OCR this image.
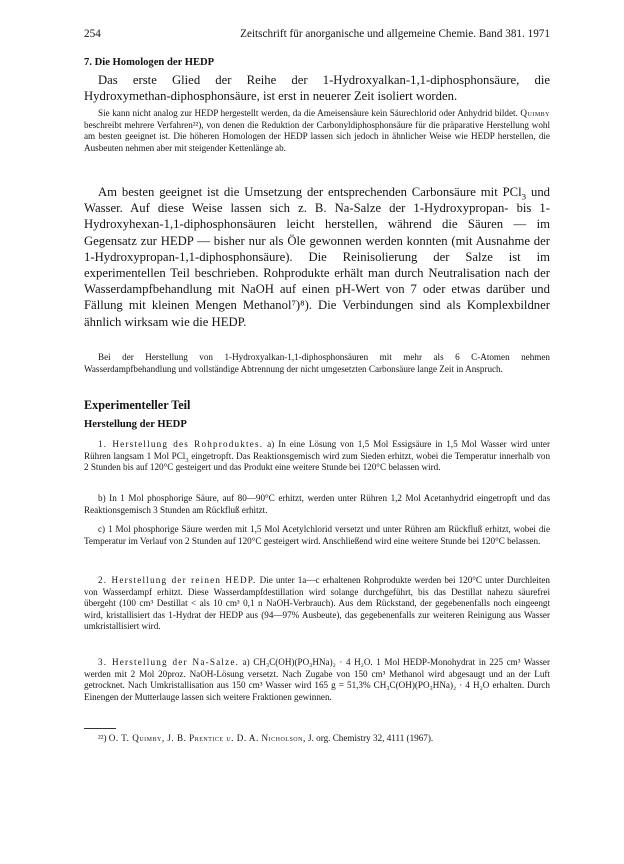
254	Zeitschrift für anorganische und allgemeine Chemie. Band 381. 1971
7. Die Homologen der HEDP
Das erste Glied der Reihe der 1-Hydroxyalkan-1,1-diphosphonsäure, die Hydroxymethan-diphosphonsäure, ist erst in neuerer Zeit isoliert worden.
Sie kann nicht analog zur HEDP hergestellt werden, da die Ameisensäure kein Säurechlorid oder Anhydrid bildet. Quimby beschreibt mehrere Verfahren²²), von denen die Reduktion der Carbonyldiphosphonsäure für die präparative Herstellung wohl am besten geeignet ist. Die höheren Homologen der HEDP lassen sich jedoch in ähnlicher Weise wie HEDP herstellen, die Ausbeuten nehmen aber mit steigender Kettenlänge ab.
Am besten geeignet ist die Umsetzung der entsprechenden Carbonsäure mit PCl$_3$ und Wasser. Auf diese Weise lassen sich z. B. Na-Salze der 1-Hydroxypropan- bis 1-Hydroxyhexan-1,1-diphosphonsäuren leicht herstellen, während die Säuren — im Gegensatz zur HEDP — bisher nur als Öle gewonnen werden konnten (mit Ausnahme der 1-Hydroxypropan-1,1-diphosphonsäure). Die Reinisolierung der Salze ist im experimentellen Teil beschrieben. Rohprodukte erhält man durch Neutralisation nach der Wasserdampfbehandlung mit NaOH auf einen pH-Wert von 7 oder etwas darüber und Fällung mit kleinen Mengen Methanol⁷)⁸). Die Verbindungen sind als Komplexbildner ähnlich wirksam wie die HEDP.
Bei der Herstellung von 1-Hydroxyalkan-1,1-diphosphonsäuren mit mehr als 6 C-Atomen nehmen Wasserdampfbehandlung und vollständige Abtrennung der nicht umgesetzten Carbonsäure lange Zeit in Anspruch.
Experimenteller Teil
Herstellung der HEDP
1. Herstellung des Rohproduktes. a) In eine Lösung von 1,5 Mol Essigsäure in 1,5 Mol Wasser wird unter Rühren langsam 1 Mol PCl$_3$ eingetropft. Das Reaktionsgemisch wird zum Sieden erhitzt, wobei die Temperatur innerhalb von 2 Stunden bis auf 120°C gesteigert und das Produkt eine weitere Stunde bei 120°C belassen wird.
b) In 1 Mol phosphorige Säure, auf 80—90°C erhitzt, werden unter Rühren 1,2 Mol Acetanhydrid eingetropft und das Reaktionsgemisch 3 Stunden am Rückfluß erhitzt.
c) 1 Mol phosphorige Säure werden mit 1,5 Mol Acetylchlorid versetzt und unter Rühren am Rückfluß erhitzt, wobei die Temperatur im Verlauf von 2 Stunden auf 120°C gesteigert wird. Anschließend wird eine weitere Stunde bei 120°C belassen.
2. Herstellung der reinen HEDP. Die unter 1a—c erhaltenen Rohprodukte werden bei 120°C unter Durchleiten von Wasserdampf erhitzt. Diese Wasserdampfdestillation wird solange durchgeführt, bis das Destillat nahezu säurefrei übergeht (100 cm³ Destillat < als 10 cm³ 0,1 n NaOH-Verbrauch). Aus dem Rückstand, der gegebenenfalls noch eingeengt wird, kristallisiert das 1-Hydrat der HEDP aus (94—97% Ausbeute), das gegebenenfalls zur weiteren Reinigung aus Wasser umkristallisiert wird.
3. Herstellung der Na-Salze. a) CH₃C(OH)(PO₃HNa)₂ · 4 H₂O. 1 Mol HEDP-Monohydrat in 225 cm³ Wasser werden mit 2 Mol 20proz. NaOH-Lösung versetzt. Nach Zugabe von 150 cm³ Methanol wird abgesaugt und an der Luft getrocknet. Nach Umkristallisation aus 150 cm³ Wasser wird 165 g = 51,3% CH₃C(OH)(PO₃HNa)₂ · 4 H₂O erhalten. Durch Einengen der Mutterlauge lassen sich weitere Fraktionen gewinnen.
²²) O. T. Quimby, J. B. Prentice u. D. A. Nicholson, J. org. Chemistry 32, 4111 (1967).
